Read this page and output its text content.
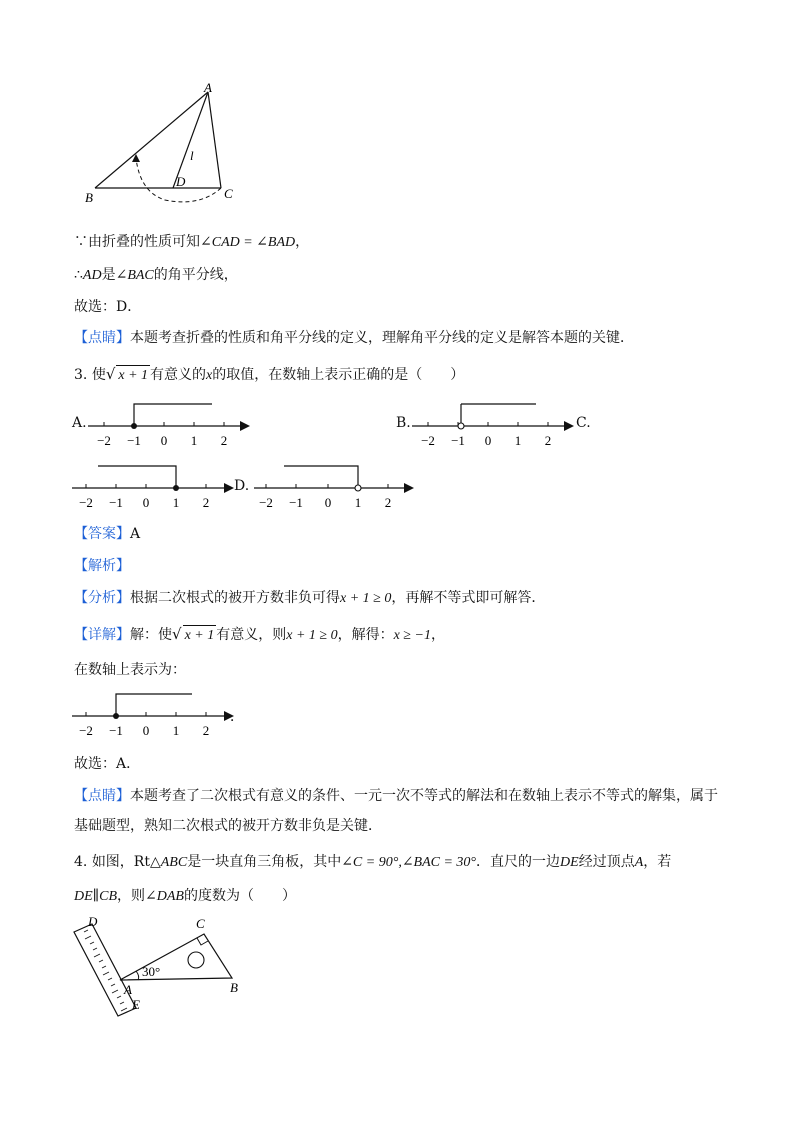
A
B	C
D
l
∵由折叠的性质可知∠CAD = ∠BAD，
∴AD是∠BAC的角平分线，
故选：D．
【点睛】本题考查折叠的性质和角平分线的定义，理解角平分线的定义是解答本题的关键．
3. 使√ x + 1 有意义的x的取值，在数轴上表示正确的是（　　）
A.
−2 −1 0 1 2
B.
−2 −1 0 1 2
C.
−2 −1 0 1 2
D.
−2 −1 0 1 2
【答案】A
【解析】
【分析】根据二次根式的被开方数非负可得x + 1 ≥ 0，再解不等式即可解答．
【详解】解：使√ x + 1 有意义，则x + 1 ≥ 0，解得：x ≥ −1，
在数轴上表示为：
−2 −1 0 1 2
．
故选：A．
【点睛】本题考查了二次根式有意义的条件、一元一次不等式的解法和在数轴上表示不等式的解集，属于
基础题型，熟知二次根式的被开方数非负是关键．
4. 如图，Rt△ABC是一块直角三角板，其中∠C = 90°,∠BAC = 30°．直尺的一边DE经过顶点A，若
DE∥CB，则∠DAB的度数为（　　）
D	C
30°
A
E
B
